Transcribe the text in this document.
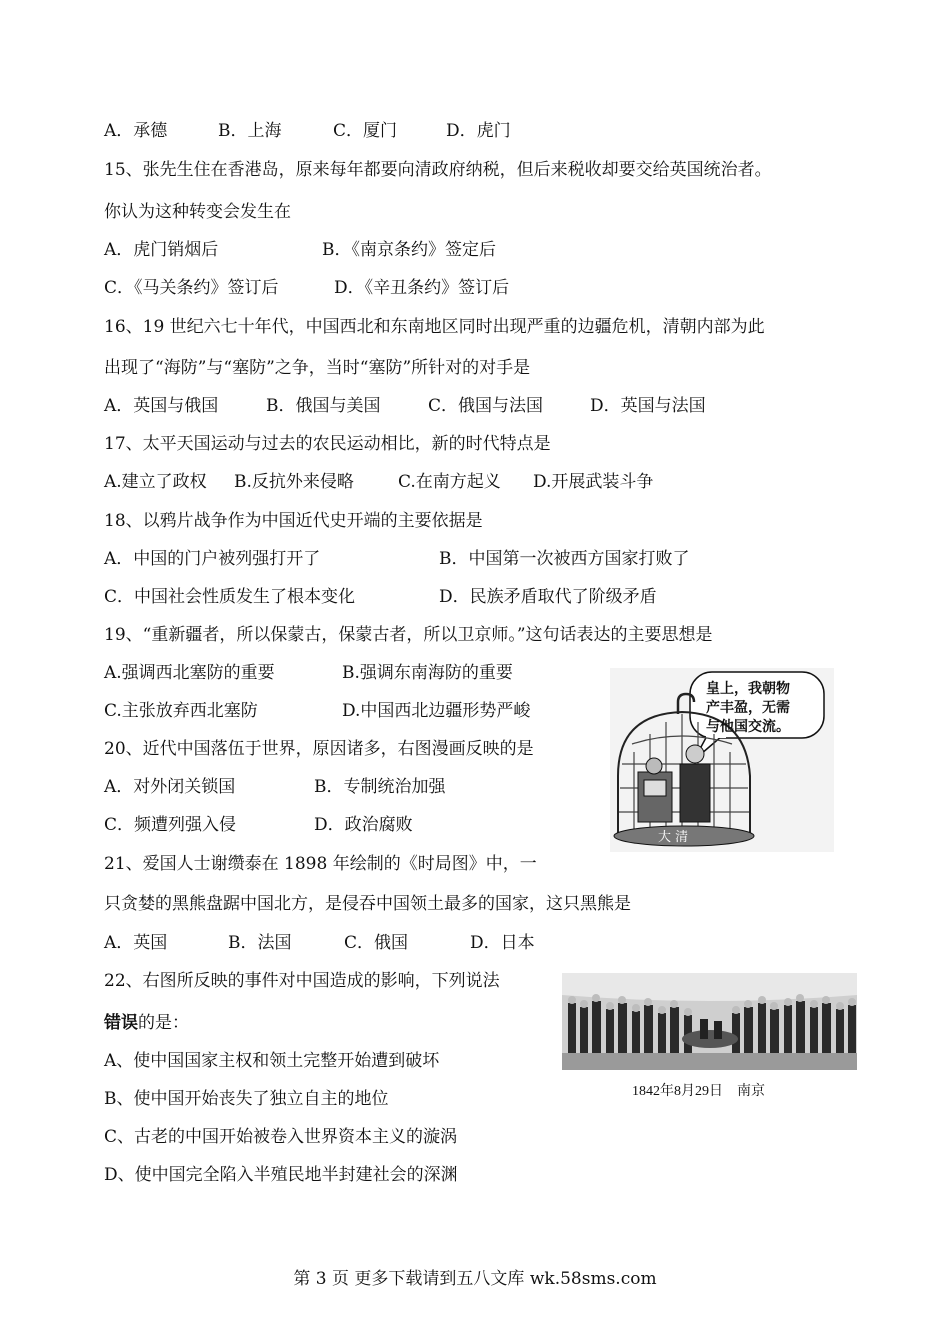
A．承德	B．上海	C．厦门	D．虎门
15、张先生住在香港岛，原来每年都要向清政府纳税，但后来税收却要交给英国统治者。
你认为这种转变会发生在
A．虎门销烟后	B．《南京条约》签定后
C．《马关条约》签订后	D．《辛丑条约》签订后
16、19 世纪六七十年代，中国西北和东南地区同时出现严重的边疆危机，清朝内部为此
出现了“海防”与“塞防”之争，当时“塞防”所针对的对手是
A．英国与俄国	B．俄国与美国	C．俄国与法国	D．英国与法国
17、太平天国运动与过去的农民运动相比，新的时代特点是
A.建立了政权 B.反抗外来侵略	C.在南方起义 D.开展武装斗争
18、以鸦片战争作为中国近代史开端的主要依据是
A．中国的门户被列强打开了	B．中国第一次被西方国家打败了
C．中国社会性质发生了根本变化	D．民族矛盾取代了阶级矛盾
19、“重新疆者，所以保蒙古，保蒙古者，所以卫京师。”这句话表达的主要思想是
A.强调西北塞防的重要	B.强调东南海防的重要
C.主张放弃西北塞防	D.中国西北边疆形势严峻
皇上，我朝物
产丰盈，无需
与他国交流。
大 清
20、近代中国落伍于世界，原因诸多，右图漫画反映的是
A．对外闭关锁国	B．专制统治加强
C．频遭列强入侵	D．政治腐败
21、爱国人士谢缵泰在 1898 年绘制的《时局图》中，一
只贪婪的黑熊盘踞中国北方，是侵吞中国领土最多的国家，这只黑熊是
A．英国	B．法国	C．俄国	D．日本
22、右图所反映的事件对中国造成的影响，下列说法
错误的是：
A、使中国国家主权和领土完整开始遭到破坏
B、使中国开始丧失了独立自主的地位
C、古老的中国开始被卷入世界资本主义的漩涡
D、使中国完全陷入半殖民地半封建社会的深渊
1842年8月29日　南京
第 3 页 更多下载请到五八文库 wk.58sms.com
